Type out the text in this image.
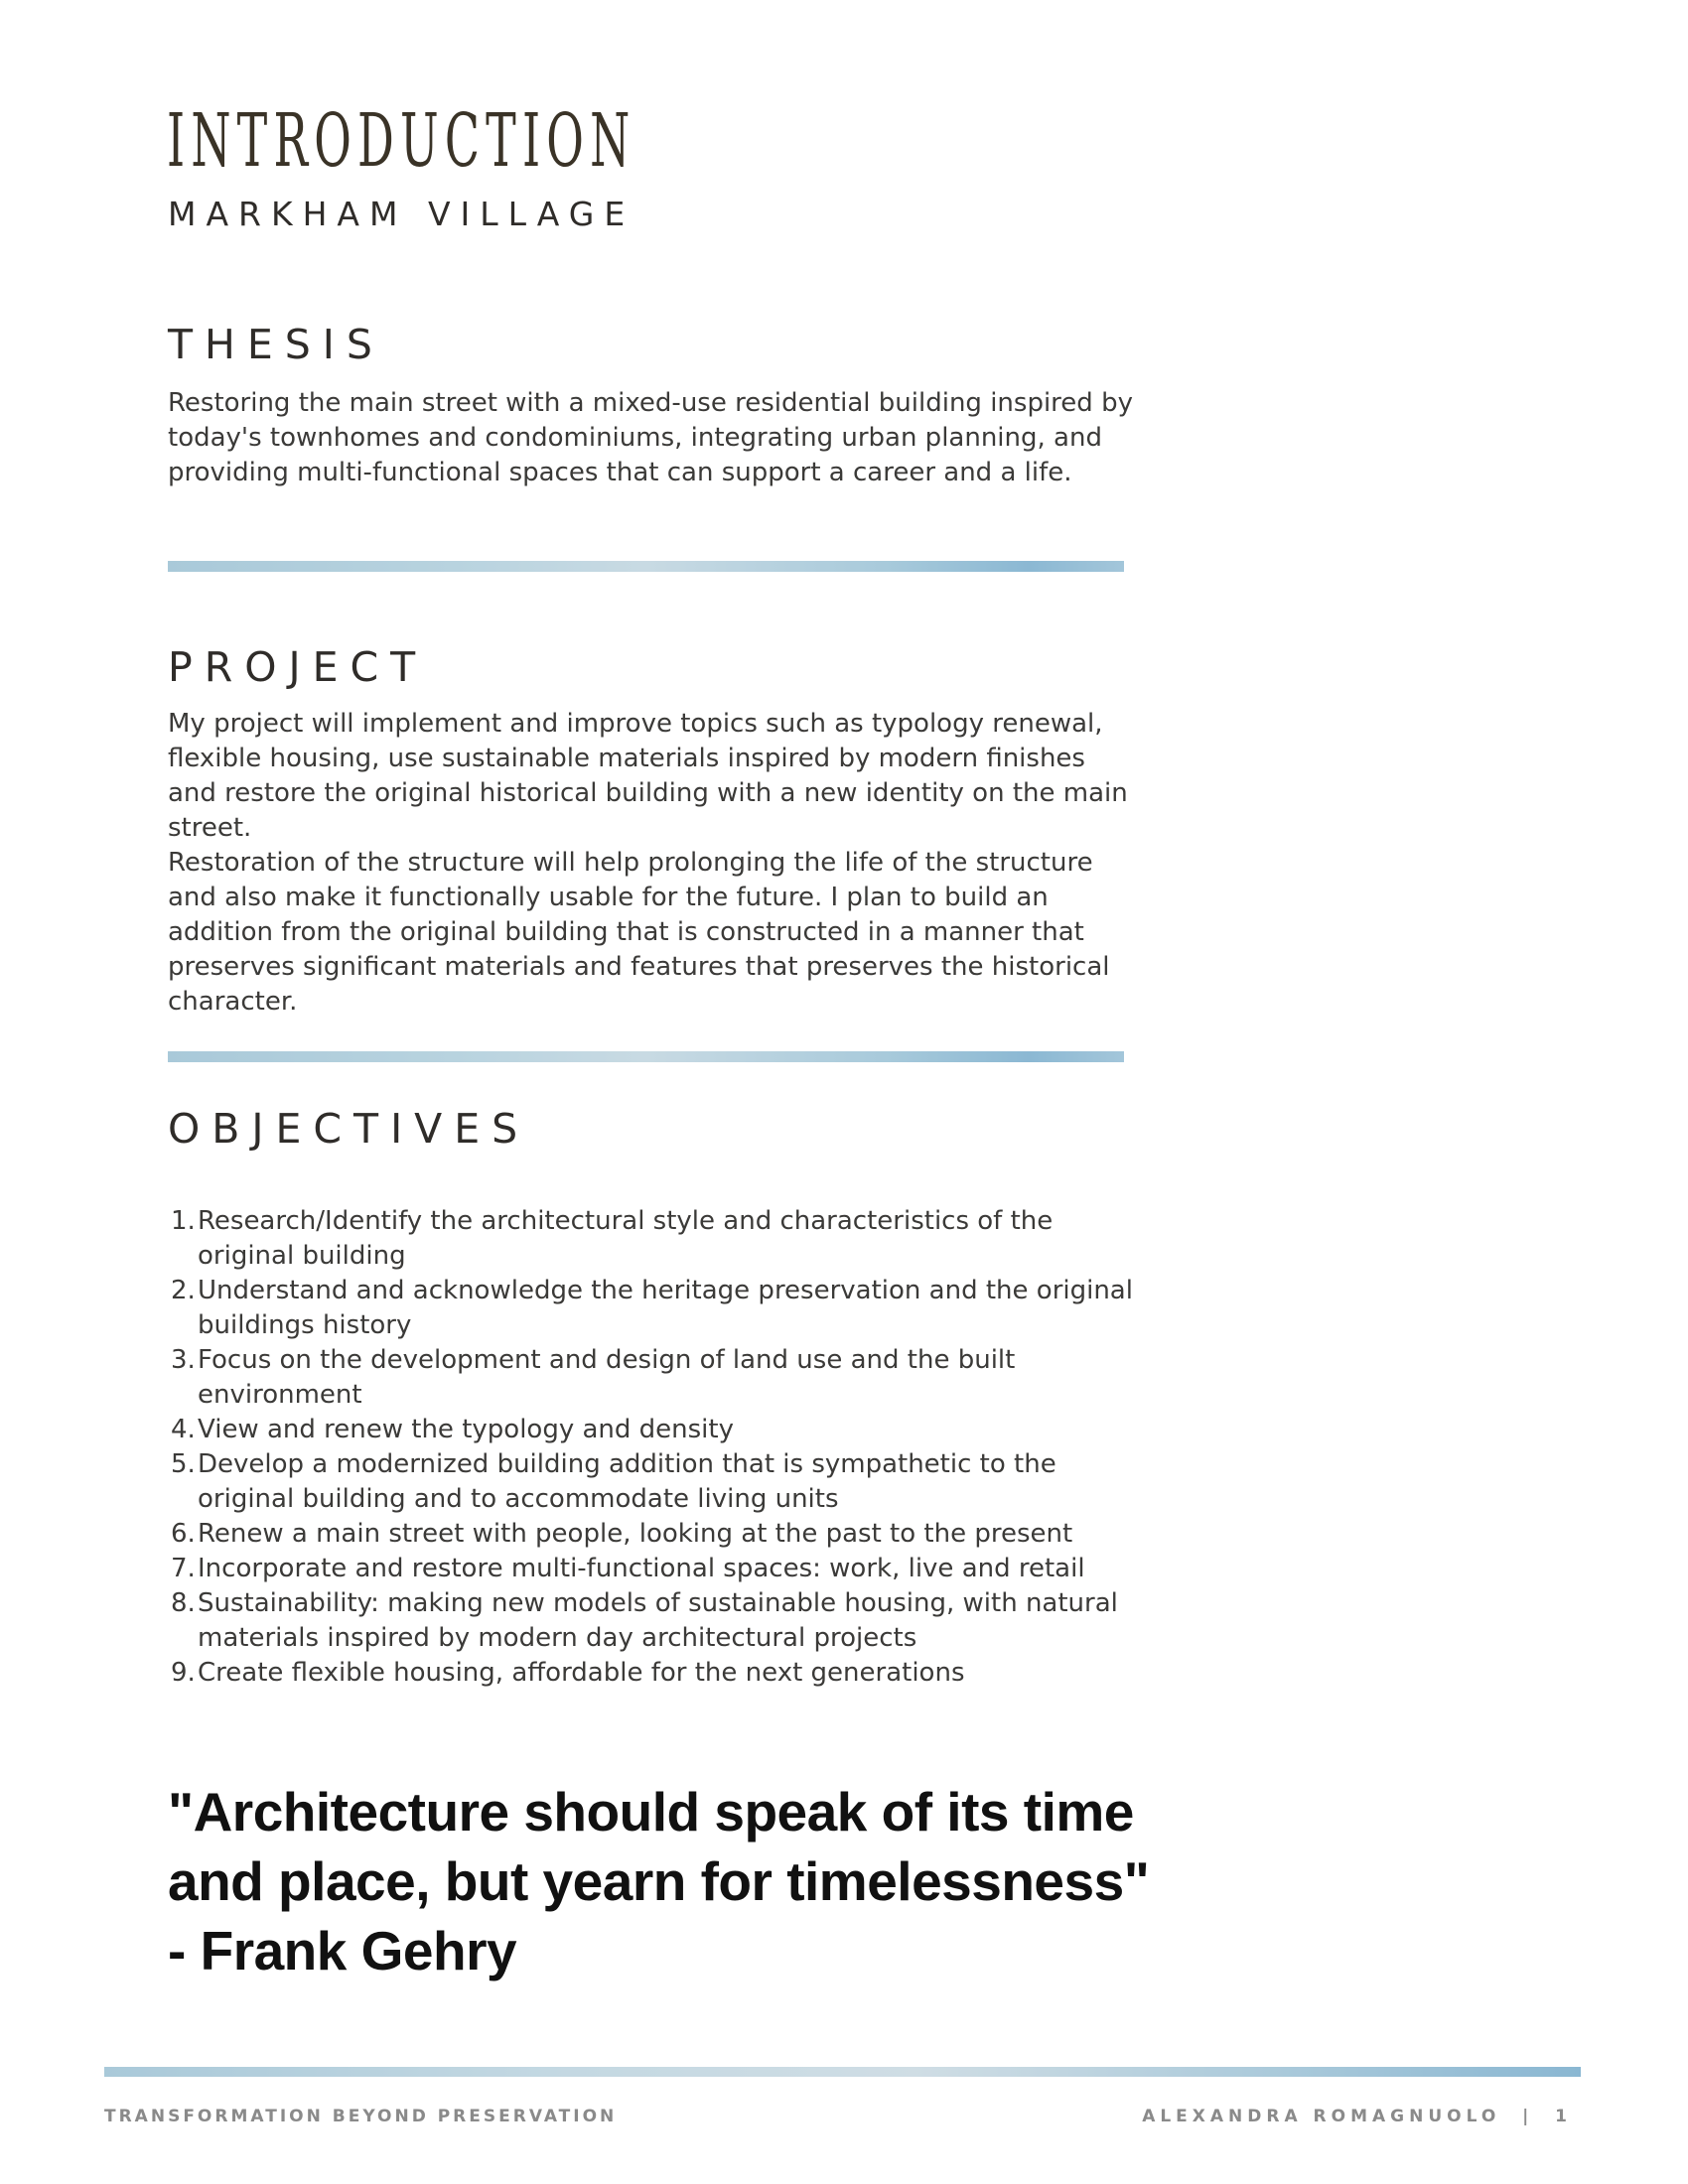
INTRODUCTION
MARKHAM VILLAGE
THESIS

Restoring the main street with a mixed-use residential building inspired by today's townhomes and condominiums, integrating urban planning, and providing multi-functional spaces that can support a career and a life.

PROJECT

My project will implement and improve topics such as typology renewal, flexible housing, use sustainable materials inspired by modern finishes and restore the original historical building with a new identity on the main street.

Restoration of the structure will help prolonging the life of the structure and also make it functionally usable for the future. I plan to build an addition from the original building that is constructed in a manner that preserves significant materials and features that preserves the historical character.

OBJECTIVES
1. Research/Identify the architectural style and characteristics of the original building
2. Understand and acknowledge the heritage preservation and the original buildings history
3. Focus on the development and design of land use and the built environment
4. View and renew the typology and density
5. Develop a modernized building addition that is sympathetic to the original building and to accommodate living units
6. Renew a main street with people, looking at the past to the present
7. Incorporate and restore multi-functional spaces: work, live and retail
8. Sustainability: making new models of sustainable housing, with natural materials inspired by modern day architectural projects
9. Create flexible housing, affordable for the next generations
"Architecture should speak of its time
and place, but yearn for timelessness"
- Frank Gehry

TRANSFORMATION BEYOND PRESERVATION	ALEXANDRA ROMAGNUOLO  |  1
